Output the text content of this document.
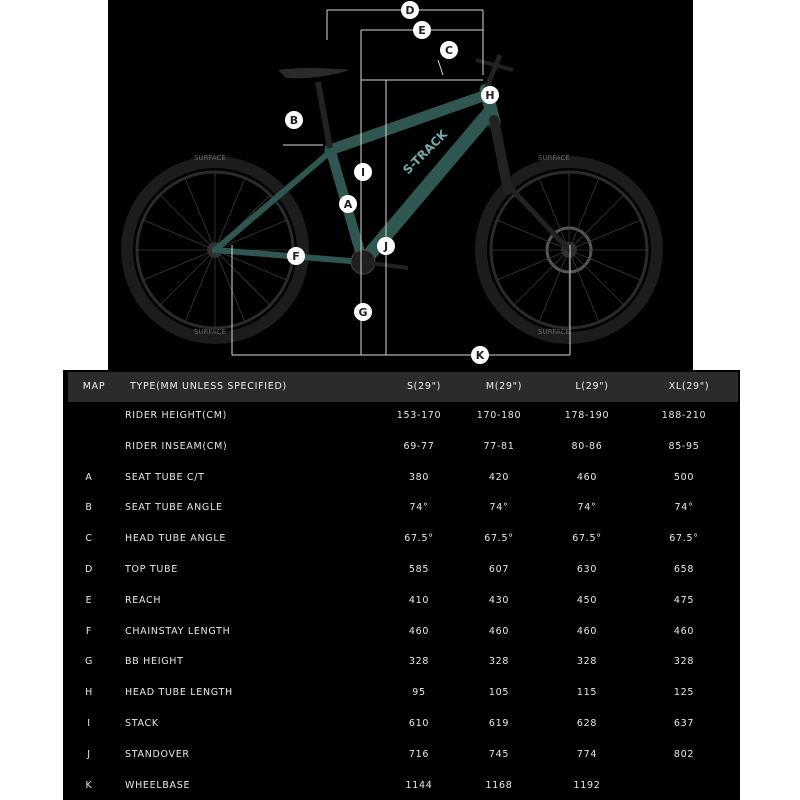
SURFACE
SURFACE
SURFACE
SURFACE
S-TRACK
D
E
C
H
B
I
A
J
F
G
K
MAP	TYPE(MM UNLESS SPECIFIED)	S(29")	M(29")	L(29")	XL(29")
RIDER HEIGHT(CM)	153-170	170-180	178-190	188-210
RIDER INSEAM(CM)	69-77	77-81	80-86	85-95
A	SEAT TUBE C/T	380	420	460	500
B	SEAT TUBE ANGLE	74°	74°	74°	74°
C	HEAD TUBE ANGLE	67.5°	67.5°	67.5°	67.5°
D	TOP TUBE	585	607	630	658
E	REACH	410	430	450	475
F	CHAINSTAY LENGTH	460	460	460	460
G	BB HEIGHT	328	328	328	328
H	HEAD TUBE LENGTH	95	105	115	125
I	STACK	610	619	628	637
J	STANDOVER	716	745	774	802
K	WHEELBASE	1144	1168	1192
